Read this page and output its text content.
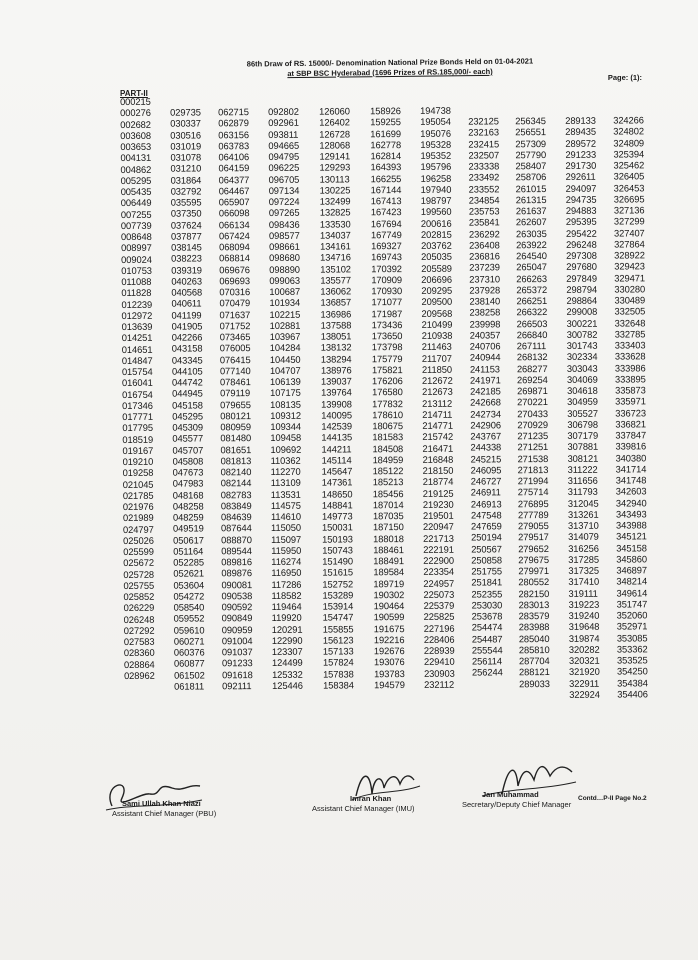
86th Draw of RS. 15000/- Denomination National Prize Bonds Held on 01-04-2021
at SBP BSC Hyderabad (1696 Prizes of RS.185,000/- each)	Page: (1):
PART-II
000215
000276
002682
003608
003653
004131
004862
005295
005435
006449
007255
007739
008648
008997
009024
010753
011088
011828
012239
012972
013639
014251
014651
014847
015754
016041
016754
017346
017771
017795
018519
019167
019210
019258
021045
021785
021976
021989
024797
025026
025599
025672
025728
025755
025852
026229
026248
027292
027583
028360
028864
028962
029735
030337
030516
031019
031078
031210
031864
032792
035595
037350
037624
037877
038145
038223
039319
040263
040568
040611
041199
041905
042266
043158
043345
044105
044742
044945
045158
045295
045309
045577
045707
045808
047673
047983
048168
048258
048259
049519
050617
051164
052285
052621
053604
054272
058540
059552
059610
060271
060376
060877
061502
061811
062715
062879
063156
063783
064106
064159
064377
064467
065907
066098
066134
067424
068094
068814
069676
069693
070316
070479
071637
071752
073465
076005
076415
077140
078461
079119
079655
080121
080959
081480
081651
081813
082140
082144
082783
083849
084639
087644
088870
089544
089816
089876
090081
090538
090592
090849
090959
091004
091037
091233
091618
092111
092802
092961
093811
094665
094795
096225
096705
097134
097224
097265
098436
098577
098661
098680
098890
099063
100687
101934
102215
102881
103967
104284
104450
104707
106139
107175
108135
109312
109344
109458
109692
110362
112270
113109
113531
114575
114610
115050
115097
115950
116274
116950
117286
118582
119464
119920
120291
122990
123307
124499
125332
125446
126060
126402
126728
128068
129141
129293
130113
130225
132499
132825
133530
134037
134161
134716
135102
135577
136062
136857
136986
137588
138051
138132
138294
138976
139037
139764
139908
140095
142539
144135
144211
145114
145647
147361
148650
148841
149773
150031
150193
150743
151490
151615
152752
153289
153914
154747
155855
156123
157133
157824
157838
158384
158926
159255
161699
162778
162814
164393
166255
167144
167413
167423
167694
167749
169327
169743
170392
170909
170930
171077
171987
173436
173650
173798
175779
175821
176206
176580
177832
178610
180675
181583
184508
184959
185122
185213
185456
187014
187035
187150
188018
188461
188491
189584
189719
190302
190464
190599
191675
192216
192676
193076
193783
194579
194738
195054
195076
195328
195352
195796
196258
197940
198797
199560
200616
202815
203762
205035
205589
206696
209295
209500
209568
210499
210938
211463
211707
211850
212672
212673
213112
214711
214771
215742
216471
216848
218150
218774
219125
219230
219501
220947
221713
222191
222900
223354
224957
225073
225379
225825
227196
228406
228939
229410
230903
232112
232125
232163
232415
232507
233338
233492
233552
234854
235753
235841
236292
236408
236816
237239
237310
237928
238140
238258
239998
240357
240706
240944
241153
241971
242185
242668
242734
242906
243767
244338
245215
246095
246727
246911
246913
247548
247659
250194
250567
250858
251755
251841
252355
253030
253678
254474
254487
255544
256114
256244
256345
256551
257309
257790
258407
258706
261015
261315
261637
262607
263035
263922
264540
265047
266263
265372
266251
266322
266503
266840
267111
268132
268277
269254
269871
270221
270433
270929
271235
271251
271538
271813
271994
275714
276895
277789
279055
279517
279652
279675
279971
280552
282150
283013
283579
283988
285040
285810
287704
288121
289033
289133
289435
289572
291233
291730
292611
294097
294735
294883
295395
295422
296248
297308
297680
297849
298794
298864
299008
300221
300782
301743
302334
303043
304069
304618
304959
305527
306798
307179
307881
308121
311222
311656
311793
312045
313261
313710
314079
316256
317285
317325
317410
319111
319223
319240
319648
319874
320282
320321
321920
322911
322924
324266
324802
324809
325394
325462
326405
326453
326695
327136
327299
327407
327864
328922
329423
329471
330280
330489
332505
332648
332785
333403
333628
333986
333895
335873
335971
336723
336821
337847
339816
340380
341714
341748
342603
342940
343493
343988
345121
345158
345860
346897
348214
349614
351747
352060
352971
353085
353362
353525
354250
354384
354406
Contd…P-II Page No.2
Sami Ullah Khan Niazi
Assistant Chief Manager (PBU)
Imran Khan
Assistant Chief Manager (IMU)
Jan Muhammad
Secretary/Deputy Chief Manager
